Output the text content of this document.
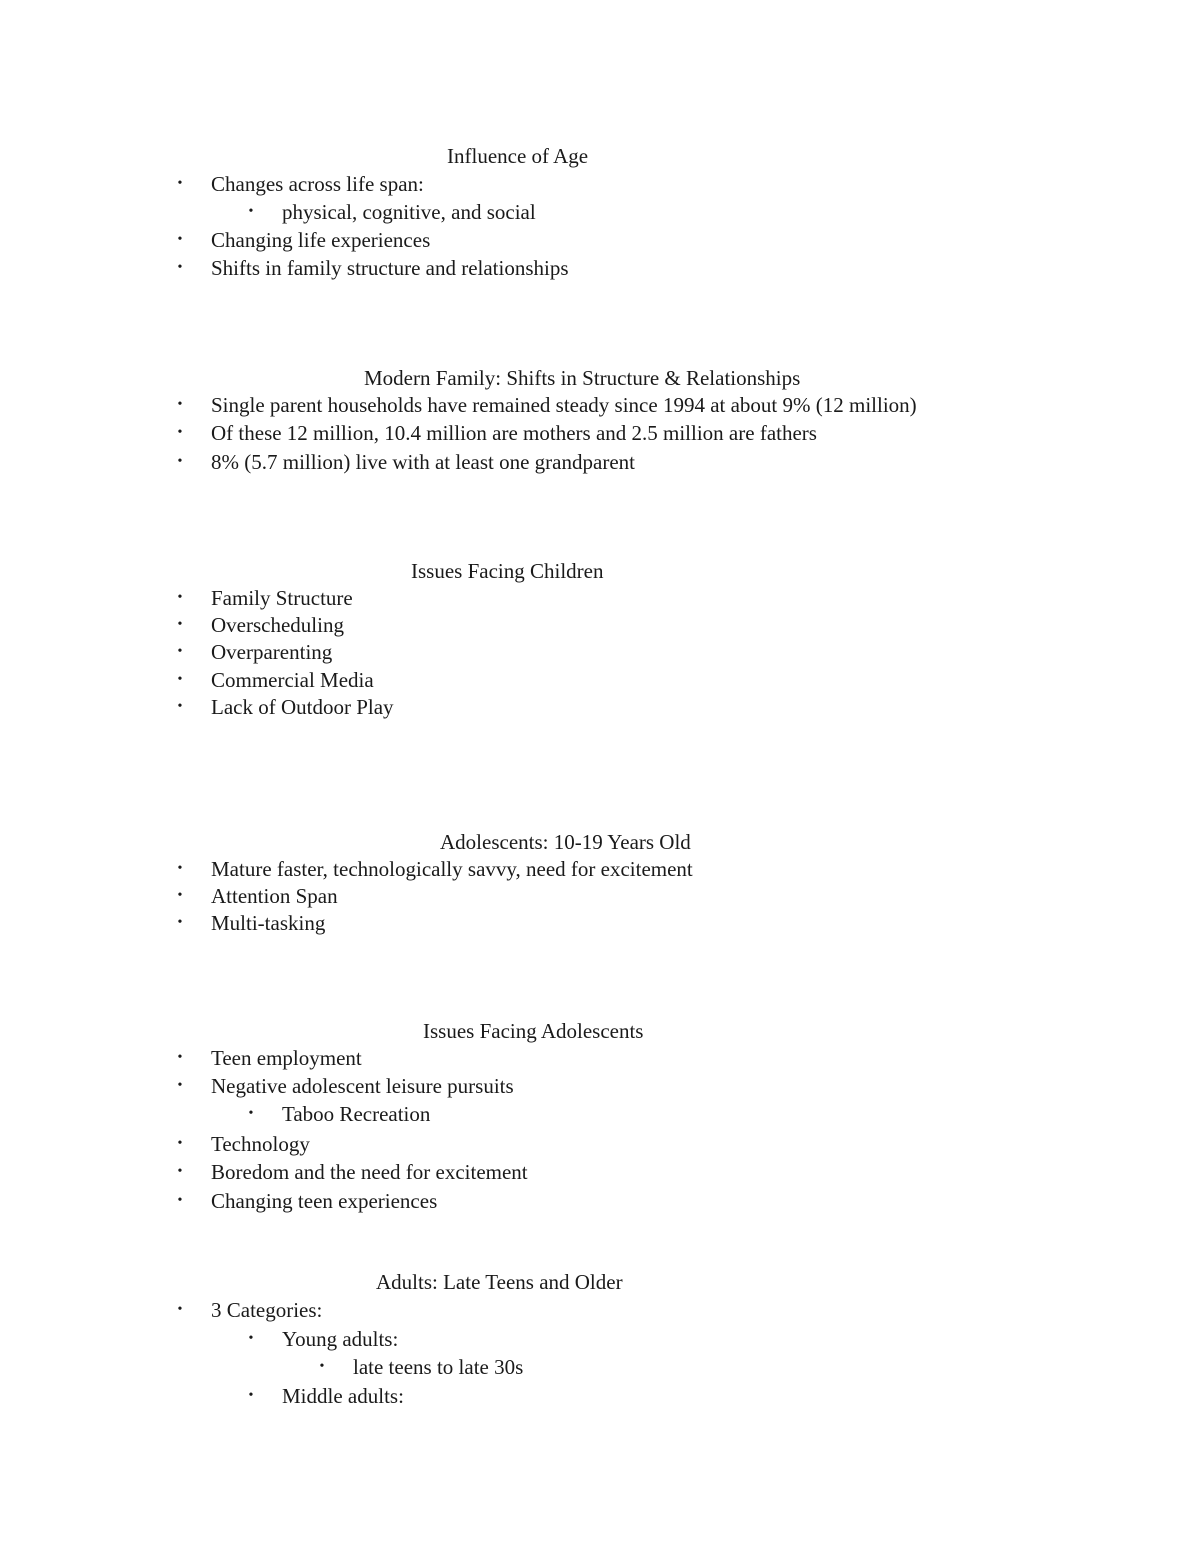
Influence of Age
•	Changes across life span:
•	physical, cognitive, and social
•	Changing life experiences
•	Shifts in family structure and relationships
Modern Family: Shifts in Structure & Relationships
•	Single parent households have remained steady since 1994 at about 9% (12 million)
•	Of these 12 million, 10.4 million are mothers and 2.5 million are fathers
•	8% (5.7 million) live with at least one grandparent
Issues Facing Children
•	Family Structure
•	Overscheduling
•	Overparenting
•	Commercial Media
•	Lack of Outdoor Play
Adolescents: 10-19 Years Old
•	Mature faster, technologically savvy, need for excitement
•	Attention Span
•	Multi-tasking
Issues Facing Adolescents
•	Teen employment
•	Negative adolescent leisure pursuits
•	Taboo Recreation
•	Technology
•	Boredom and the need for excitement
•	Changing teen experiences
Adults: Late Teens and Older
•	3 Categories:
•	Young adults:
•	late teens to late 30s
•	Middle adults:
